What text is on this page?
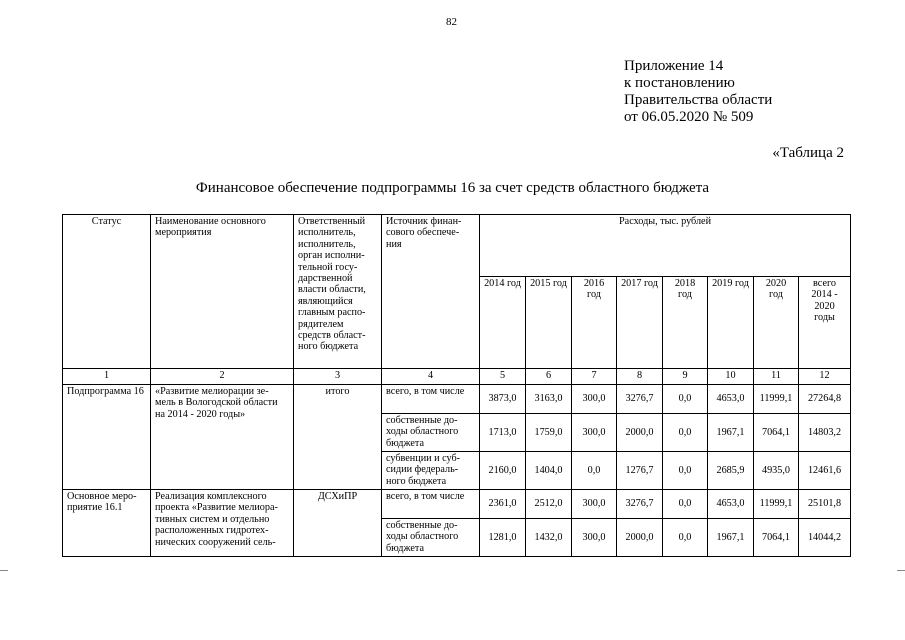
82
Приложение 14
к постановлению
Правительства области
от 06.05.2020 № 509
«Таблица 2
Финансовое обеспечение подпрограммы 16 за счет средств областного бюджета
Статус	Наименование основного мероприятия	Ответственный исполнитель, исполнитель, орган исполни- тельной госу- дарственной власти области, являющийся главным распо- рядителем средств област- ного бюджета	Источник финан- сового обеспече- ния	Расходы, тыс. рублей							
				2014 год	2015 год	2016 год	2017 год	2018 год	2019 год	2020 год	всего 2014 - 2020 годы
1	2	3	4	5	6	7	8	9	10	11	12
Подпрограмма 16	«Развитие мелиорации зе- мель в Вологодской области на 2014 - 2020 годы»	итого	всего, в том числе	3873,0	3163,0	300,0	3276,7	0,0	4653,0	11999,1	27264,8
			собственные до- ходы областного бюджета	1713,0	1759,0	300,0	2000,0	0,0	1967,1	7064,1	14803,2
			субвенции и суб- сидии федераль- ного бюджета	2160,0	1404,0	0,0	1276,7	0,0	2685,9	4935,0	12461,6
Основное меро- приятие 16.1	Реализация комплексного проекта «Развитие мелиора- тивных систем и отдельно расположенных гидротех- нических сооружений сель-	ДСХиПР	всего, в том числе	2361,0	2512,0	300,0	3276,7	0,0	4653,0	11999,1	25101,8
			собственные до- ходы областного бюджета	1281,0	1432,0	300,0	2000,0	0,0	1967,1	7064,1	14044,2
